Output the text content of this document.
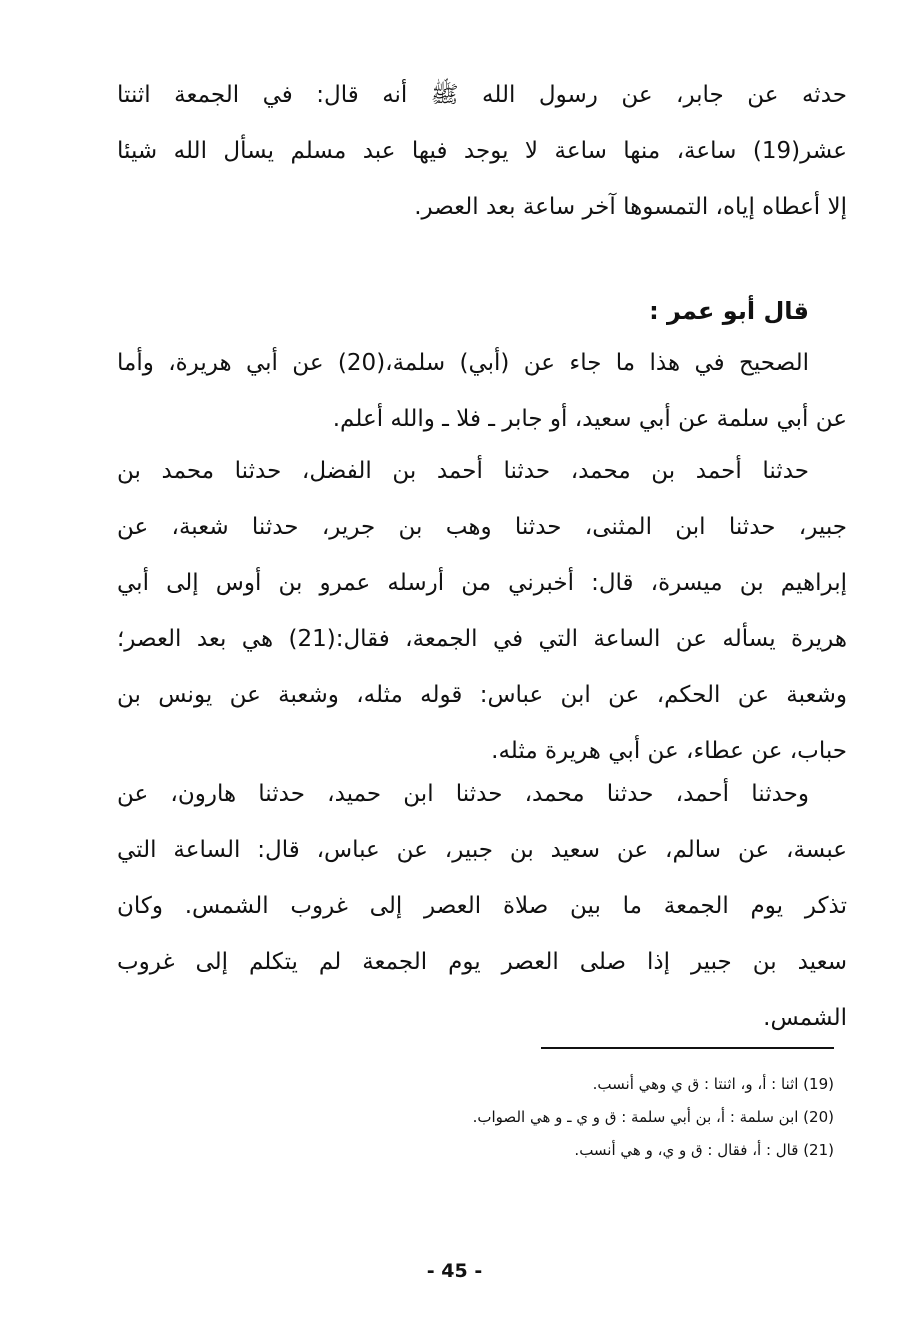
حدثه عن جابر، عن رسول الله ﷺ أنه قال: في الجمعة اثنتا
عشر(19) ساعة، منها ساعة لا يوجد فيها عبد مسلم يسأل الله شيئا
إلا أعطاه إياه، التمسوها آخر ساعة بعد العصر.
قال أبو عمر :
الصحيح في هذا ما جاء عن (أبي) سلمة،(20) عن أبي هريرة، وأما
عن أبي سلمة عن أبي سعيد، أو جابر ـ فلا ـ والله أعلم.
حدثنا أحمد بن محمد، حدثنا أحمد بن الفضل، حدثنا محمد بن
جبير، حدثنا ابن المثنى، حدثنا وهب بن جرير، حدثنا شعبة، عن
إبراهيم بن ميسرة، قال: أخبرني من أرسله عمرو بن أوس إلى أبي
هريرة يسأله عن الساعة التي في الجمعة، فقال:(21) هي بعد العصر؛
وشعبة عن الحكم، عن ابن عباس: قوله مثله، وشعبة عن يونس بن
حباب، عن عطاء، عن أبي هريرة مثله.
وحدثنا أحمد، حدثنا محمد، حدثنا ابن حميد، حدثنا هارون، عن
عبسة، عن سالم، عن سعيد بن جبير، عن عباس، قال: الساعة التي
تذكر يوم الجمعة ما بين صلاة العصر إلى غروب الشمس. وكان
سعيد بن جبير إذا صلى العصر يوم الجمعة لم يتكلم إلى غروب
الشمس.
(19) اثنا : أ، و، اثنتا : ق ي وهي أنسب.
(20) ابن سلمة : أ، بن أبي سلمة : ق و ي ـ و هي الصواب.
(21) قال : أ، فقال : ق و ي، و هي أنسب.
- 45 -
